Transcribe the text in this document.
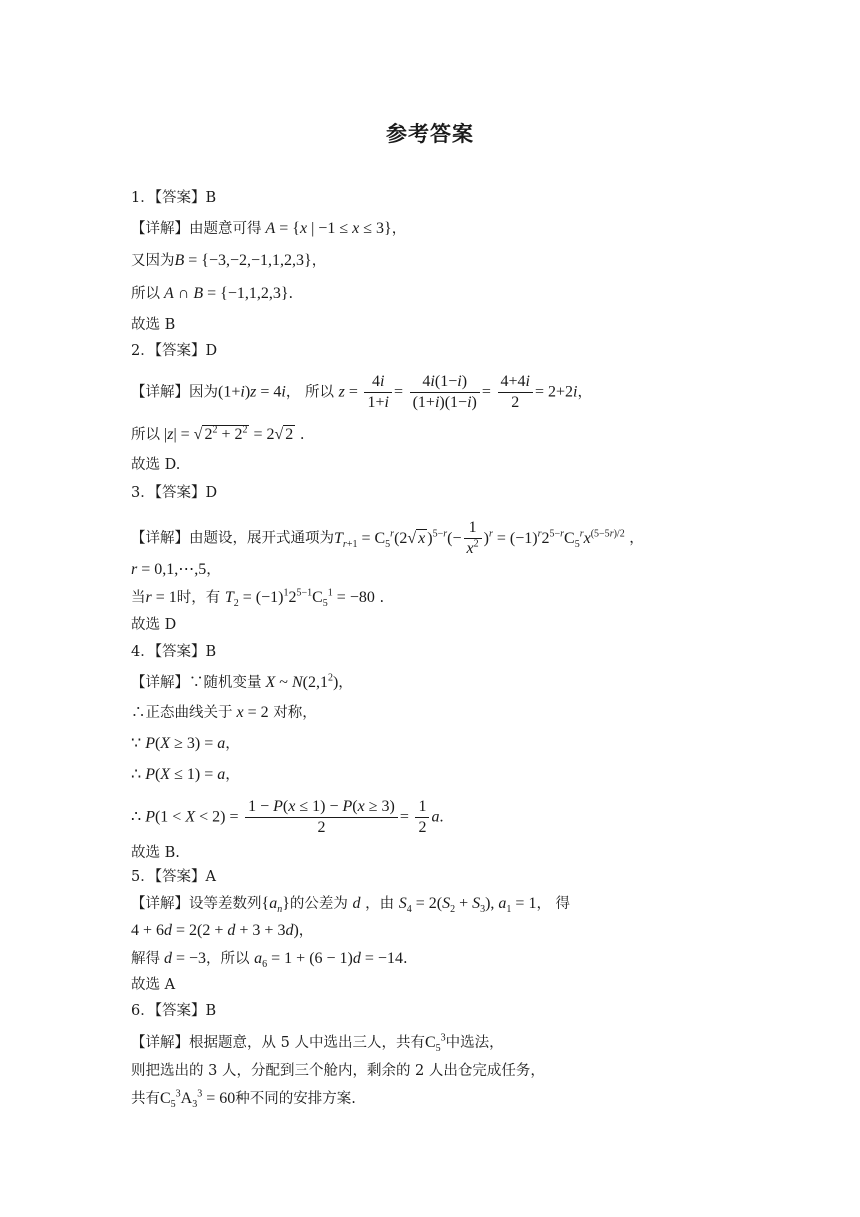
参考答案
1．【答案】B
【详解】由题意可得 A = {x | −1 ≤ x ≤ 3}，
又因为B = {−3,−2,−1,1,2,3}，
所以 A ∩ B = {−1,1,2,3}.
故选 B
2．【答案】D
【详解】因为(1+i)z = 4i， 所以 $z = \frac{4i}{1+i} = \frac{4i(1-i)}{(1+i)(1-i)} = \frac{4+4i}{2} = 2+2i$，
所以 |z| = √ $2^2 + 2^2 = 2√$ 2 .
故选 D.
3．【答案】D
【详解】由题设，展开式通项为$T_{r+1} = C_5^r(2√$ x )$^{5-r}(- \frac{1}{x^2} )^r = (-1)^r2^{5-r}C_5^rx^{(5-5r)/2}$ ，
r = 0,1,⋯,5，
当r = 1时，有 $T_2 = (-1)^12^{5-1}C_5^1 = -80$ .
故选 D
4．【答案】B
【详解】∵随机变量 X ~ $N(2,1^2)$，
∴正态曲线关于 x = 2 对称，
∵ P(X ≥ 3) = a，
∴ P(X ≤ 1) = a，
∴ $P(1 < X < 2) = \frac{1 - P(x \le 1) - P(x \ge 3)}{2} = \frac{1}{2} a$.
故选 B.
5．【答案】A
【详解】设等差数列$\{a_n\}$的公差为 d ，由 $S_4 = 2(S_2 + S_3)$, $a_1 = 1$， 得
4 + 6d = 2(2 + d + 3 + 3d)，
解得 d = −3，所以 $a_6 = 1 + (6 - 1)d = -14$.
故选 A
6．【答案】B
【详解】根据题意，从 5 人中选出三人，共有$C_5^3$中选法，
则把选出的 3 人，分配到三个舱内，剩余的 2 人出仓完成任务，
共有$C_5^3A_3^3 = 60$种不同的安排方案.
